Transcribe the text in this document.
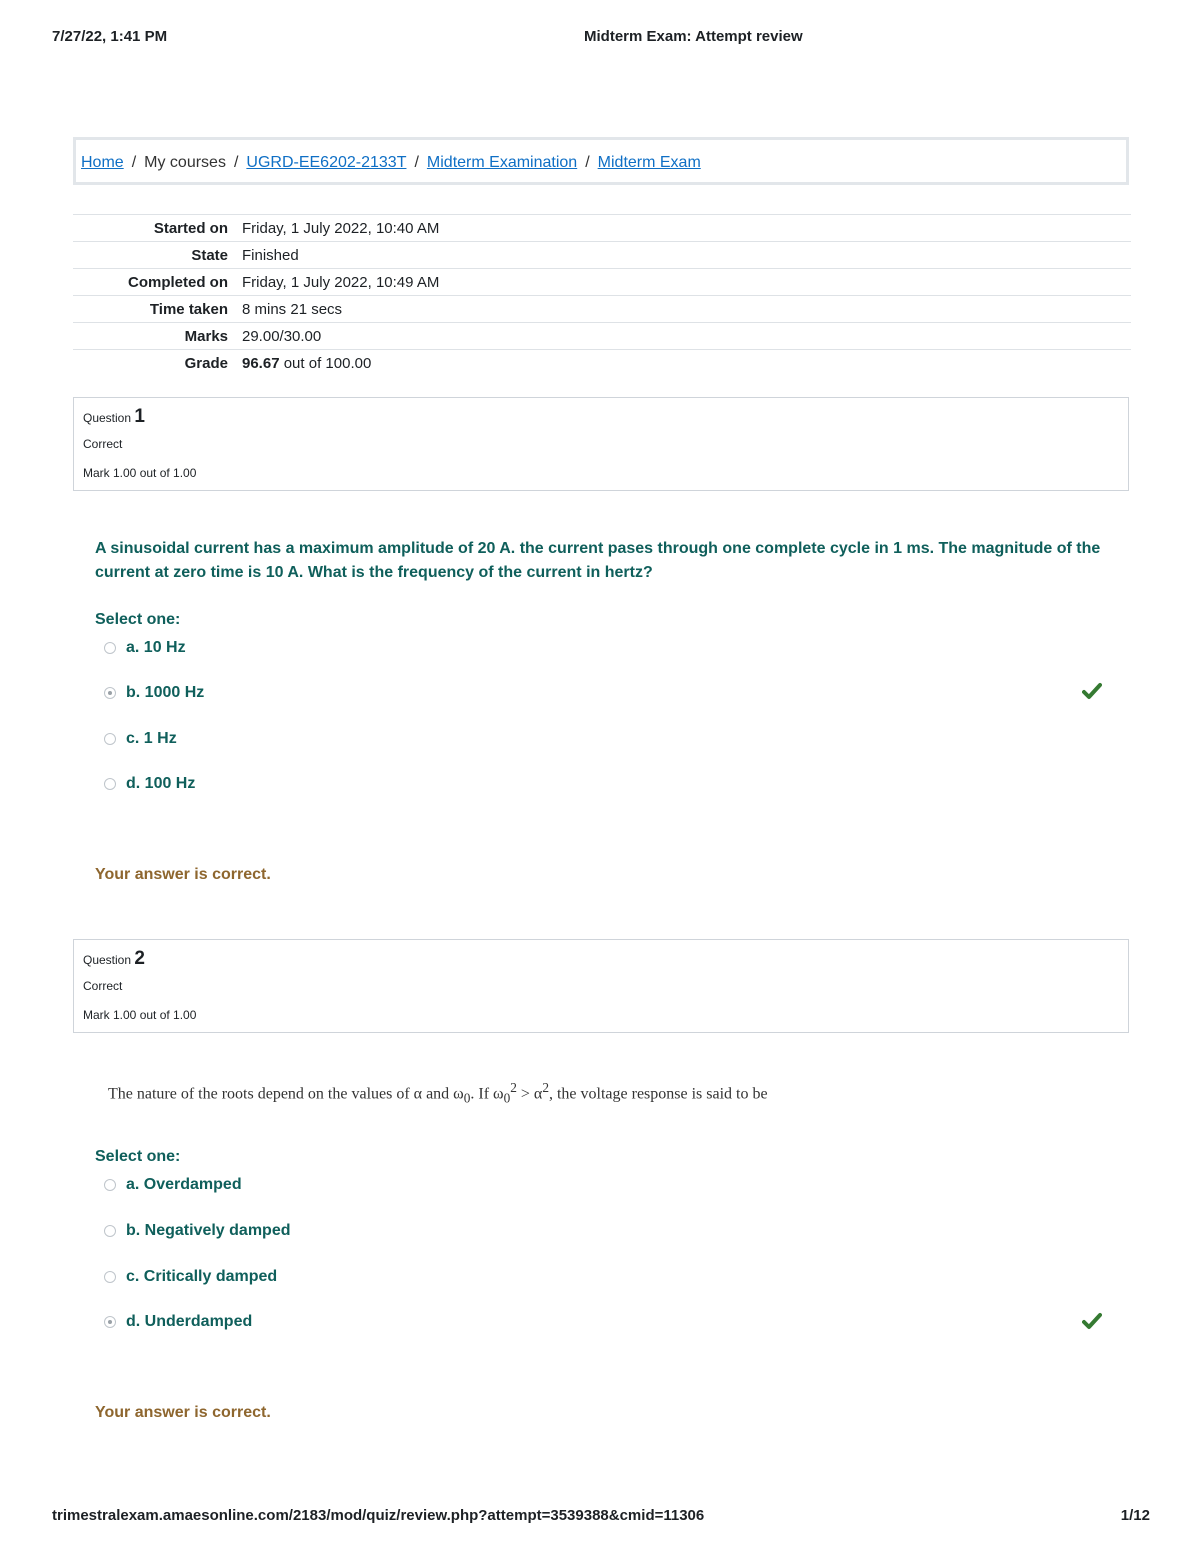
7/27/22, 1:41 PM	Midterm Exam: Attempt review
Home / My courses / UGRD-EE6202-2133T / Midterm Examination / Midterm Exam
Started on	Friday, 1 July 2022, 10:40 AM
State	Finished
Completed on	Friday, 1 July 2022, 10:49 AM
Time taken	8 mins 21 secs
Marks	29.00/30.00
Grade	96.67 out of 100.00
Question 1
Correct
Mark 1.00 out of 1.00
A sinusoidal current has a maximum amplitude of 20 A. the current pases through one complete cycle in 1 ms. The magnitude of the current at zero time is 10 A. What is the frequency of the current in hertz?
Select one:
a. 10 Hz
b. 1000 Hz
c. 1 Hz
d. 100 Hz
Your answer is correct.
Question 2
Correct
Mark 1.00 out of 1.00
The nature of the roots depend on the values of α and $\omega_0$. If $\omega_0^2 > \alpha^2$, the voltage response is said to be
Select one:
a. Overdamped
b. Negatively damped
c. Critically damped
d. Underdamped
Your answer is correct.
trimestralexam.amaesonline.com/2183/mod/quiz/review.php?attempt=3539388&cmid=11306	1/12
